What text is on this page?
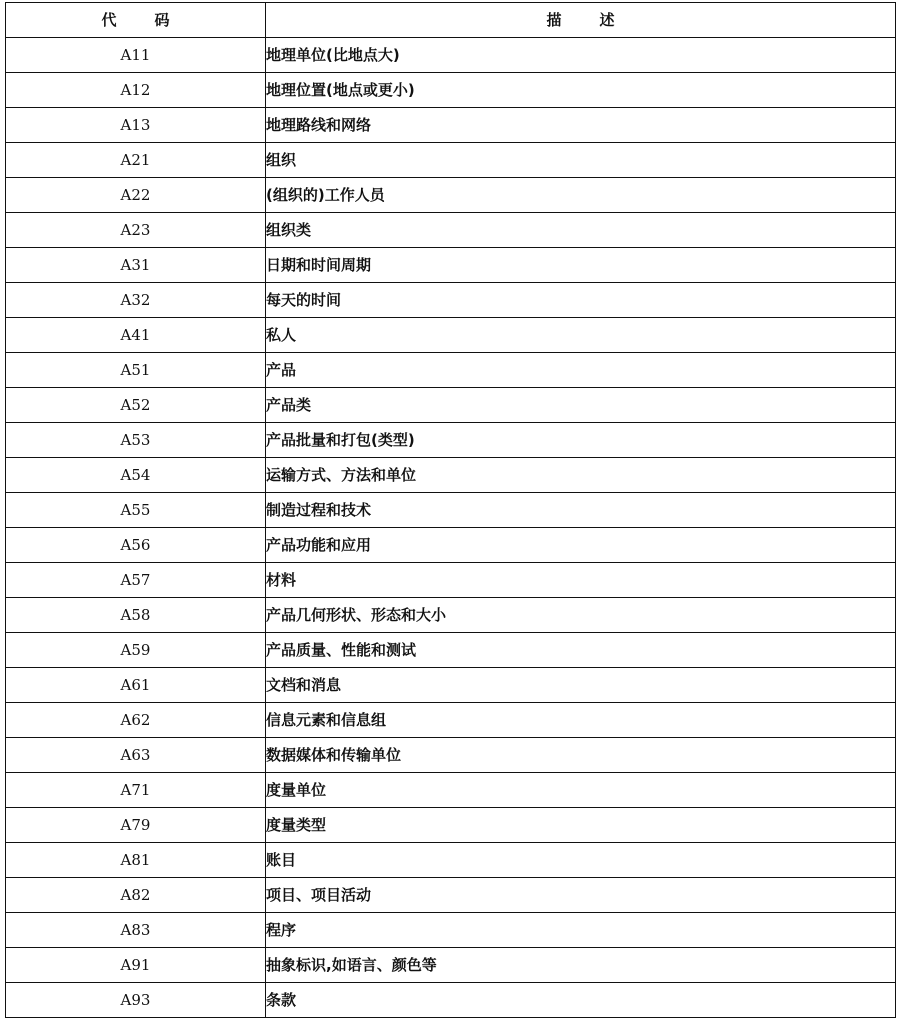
代 码	描 述
A11	地理单位(比地点大)
A12	地理位置(地点或更小)
A13	地理路线和网络
A21	组织
A22	(组织的)工作人员
A23	组织类
A31	日期和时间周期
A32	每天的时间
A41	私人
A51	产品
A52	产品类
A53	产品批量和打包(类型)
A54	运输方式、方法和单位
A55	制造过程和技术
A56	产品功能和应用
A57	材料
A58	产品几何形状、形态和大小
A59	产品质量、性能和测试
A61	文档和消息
A62	信息元素和信息组
A63	数据媒体和传输单位
A71	度量单位
A79	度量类型
A81	账目
A82	项目、项目活动
A83	程序
A91	抽象标识,如语言、颜色等
A93	条款
